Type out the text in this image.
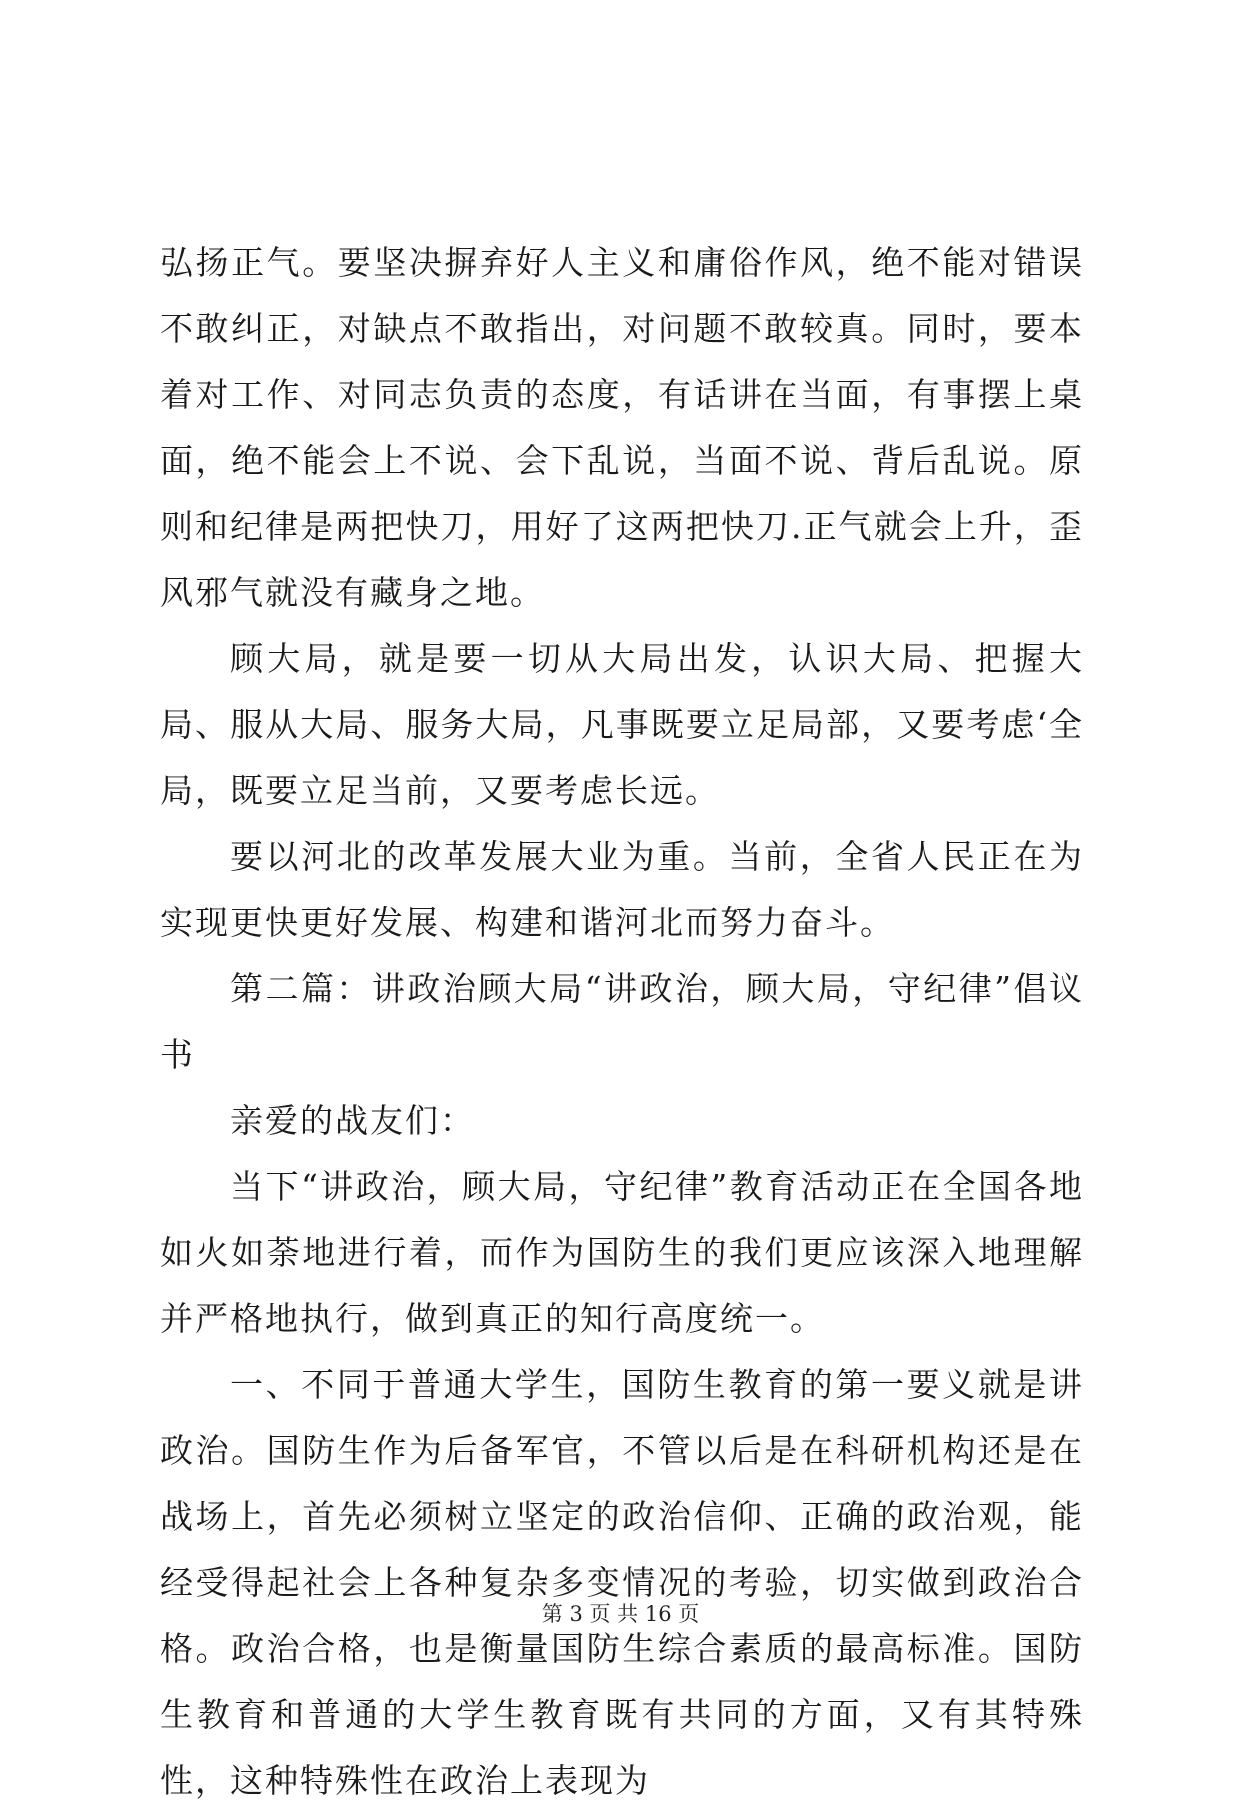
弘扬正气。要坚决摒弃好人主义和庸俗作风，绝不能对错误不敢纠正，对缺点不敢指出，对问题不敢较真。同时，要本着对工作、对同志负责的态度，有话讲在当面，有事摆上桌面，绝不能会上不说、会下乱说，当面不说、背后乱说。原则和纪律是两把快刀，用好了这两把快刀.正气就会上升，歪风邪气就没有藏身之地。

顾大局，就是要一切从大局出发，认识大局、把握大局、服从大局、服务大局，凡事既要立足局部，又要考虑‘全局，既要立足当前，又要考虑长远。

要以河北的改革发展大业为重。当前，全省人民正在为实现更快更好发展、构建和谐河北而努力奋斗。

第二篇：讲政治顾大局“讲政治，顾大局，守纪律”倡议书

亲爱的战友们：

当下“讲政治，顾大局，守纪律”教育活动正在全国各地如火如荼地进行着，而作为国防生的我们更应该深入地理解并严格地执行，做到真正的知行高度统一。

一、不同于普通大学生，国防生教育的第一要义就是讲政治。国防生作为后备军官，不管以后是在科研机构还是在战场上，首先必须树立坚定的政治信仰、正确的政治观，能经受得起社会上各种复杂多变情况的考验，切实做到政治合格。政治合格，也是衡量国防生综合素质的最高标准。国防生教育和普通的大学生教育既有共同的方面，又有其特殊性，这种特殊性在政治上表现为

第 3 页 共 16 页
